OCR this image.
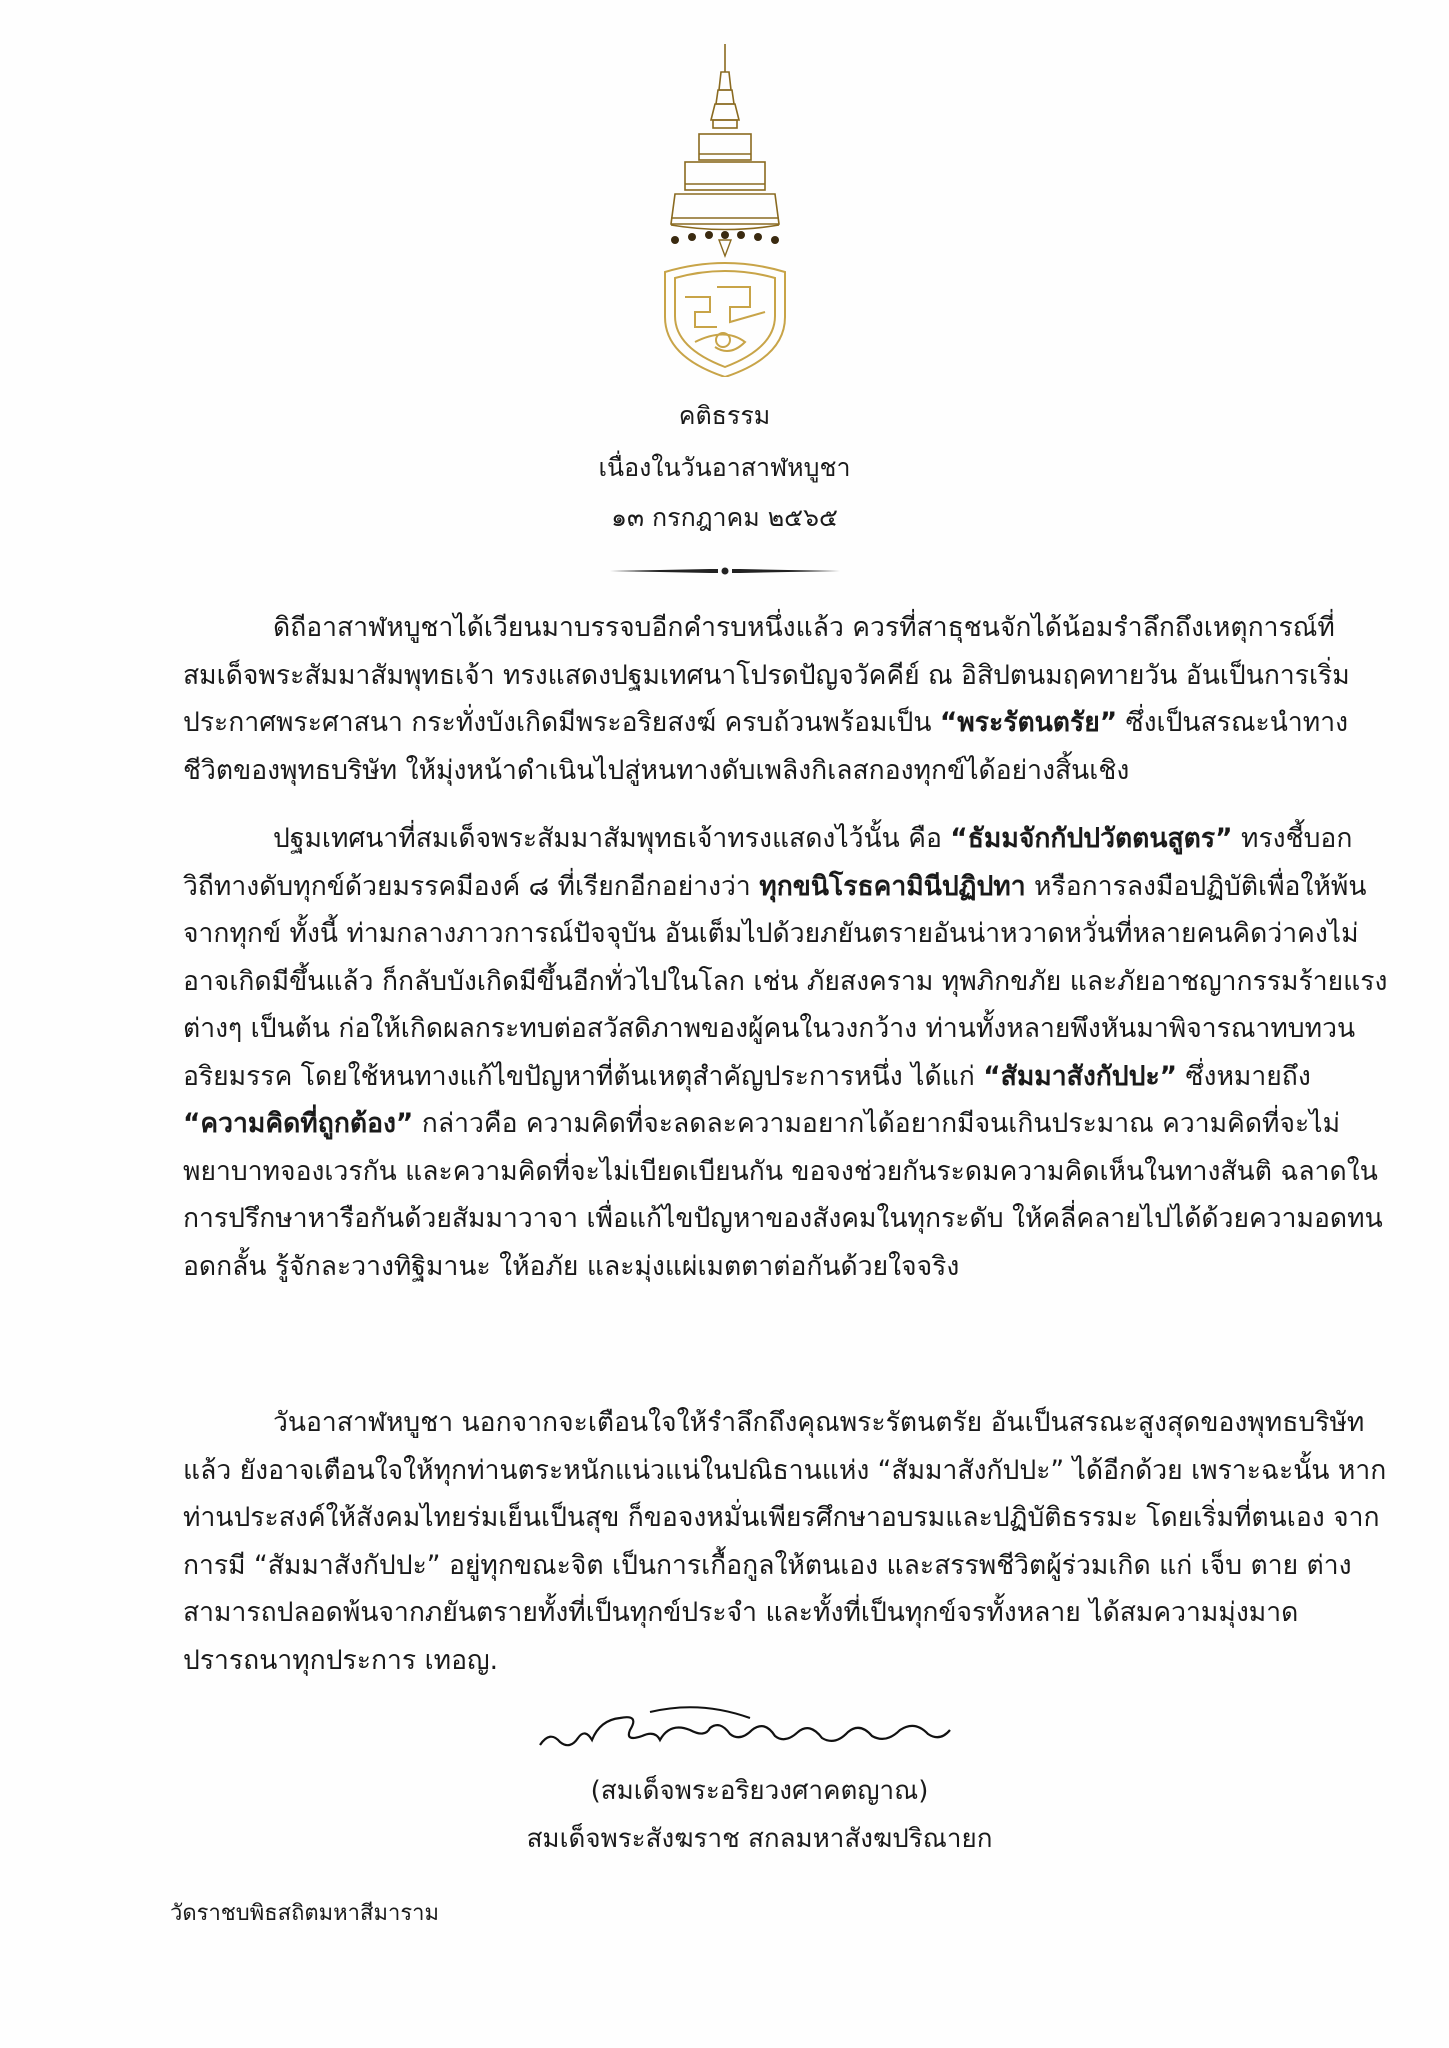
คติธรรม
เนื่องในวันอาสาฬหบูชา
๑๓ กรกฎาคม ๒๕๖๕
ดิถีอาสาฬหบูชาได้เวียนมาบรรจบอีกคำรบหนึ่งแล้ว ควรที่สาธุชนจักได้น้อมรำลึกถึงเหตุการณ์ที่
สมเด็จพระสัมมาสัมพุทธเจ้า ทรงแสดงปฐมเทศนาโปรดปัญจวัคคีย์ ณ อิสิปตนมฤคทายวัน อันเป็นการเริ่ม
ประกาศพระศาสนา กระทั่งบังเกิดมีพระอริยสงฆ์ ครบถ้วนพร้อมเป็น “พระรัตนตรัย” ซึ่งเป็นสรณะนำทาง
ชีวิตของพุทธบริษัท ให้มุ่งหน้าดำเนินไปสู่หนทางดับเพลิงกิเลสกองทุกข์ได้อย่างสิ้นเชิง
ปฐมเทศนาที่สมเด็จพระสัมมาสัมพุทธเจ้าทรงแสดงไว้นั้น คือ “ธัมมจักกัปปวัตตนสูตร” ทรงชี้บอก
วิถีทางดับทุกข์ด้วยมรรคมีองค์ ๘ ที่เรียกอีกอย่างว่า ทุกขนิโรธคามินีปฏิปทา หรือการลงมือปฏิบัติเพื่อให้พ้น
จากทุกข์ ทั้งนี้ ท่ามกลางภาวการณ์ปัจจุบัน อันเต็มไปด้วยภยันตรายอันน่าหวาดหวั่นที่หลายคนคิดว่าคงไม่
อาจเกิดมีขึ้นแล้ว ก็กลับบังเกิดมีขึ้นอีกทั่วไปในโลก เช่น ภัยสงคราม ทุพภิกขภัย และภัยอาชญากรรมร้ายแรง
ต่างๆ เป็นต้น ก่อให้เกิดผลกระทบต่อสวัสดิภาพของผู้คนในวงกว้าง ท่านทั้งหลายพึงหันมาพิจารณาทบทวน
อริยมรรค โดยใช้หนทางแก้ไขปัญหาที่ต้นเหตุสำคัญประการหนึ่ง ได้แก่ “สัมมาสังกัปปะ” ซึ่งหมายถึง
“ความคิดที่ถูกต้อง” กล่าวคือ ความคิดที่จะลดละความอยากได้อยากมีจนเกินประมาณ ความคิดที่จะไม่
พยาบาทจองเวรกัน และความคิดที่จะไม่เบียดเบียนกัน ขอจงช่วยกันระดมความคิดเห็นในทางสันติ ฉลาดใน
การปรึกษาหารือกันด้วยสัมมาวาจา เพื่อแก้ไขปัญหาของสังคมในทุกระดับ ให้คลี่คลายไปได้ด้วยความอดทน
อดกลั้น รู้จักละวางทิฐิมานะ ให้อภัย และมุ่งแผ่เมตตาต่อกันด้วยใจจริง
วันอาสาฬหบูชา นอกจากจะเตือนใจให้รำลึกถึงคุณพระรัตนตรัย อันเป็นสรณะสูงสุดของพุทธบริษัท
แล้ว ยังอาจเตือนใจให้ทุกท่านตระหนักแน่วแน่ในปณิธานแห่ง “สัมมาสังกัปปะ” ได้อีกด้วย เพราะฉะนั้น หาก
ท่านประสงค์ให้สังคมไทยร่มเย็นเป็นสุข ก็ขอจงหมั่นเพียรศึกษาอบรมและปฏิบัติธรรมะ โดยเริ่มที่ตนเอง จาก
การมี “สัมมาสังกัปปะ” อยู่ทุกขณะจิต เป็นการเกื้อกูลให้ตนเอง และสรรพชีวิตผู้ร่วมเกิด แก่ เจ็บ ตาย ต่าง
สามารถปลอดพ้นจากภยันตรายทั้งที่เป็นทุกข์ประจำ และทั้งที่เป็นทุกข์จรทั้งหลาย ได้สมความมุ่งมาด
ปรารถนาทุกประการ เทอญ.
(สมเด็จพระอริยวงศาคตญาณ)
สมเด็จพระสังฆราช สกลมหาสังฆปริณายก
วัดราชบพิธสถิตมหาสีมาราม
